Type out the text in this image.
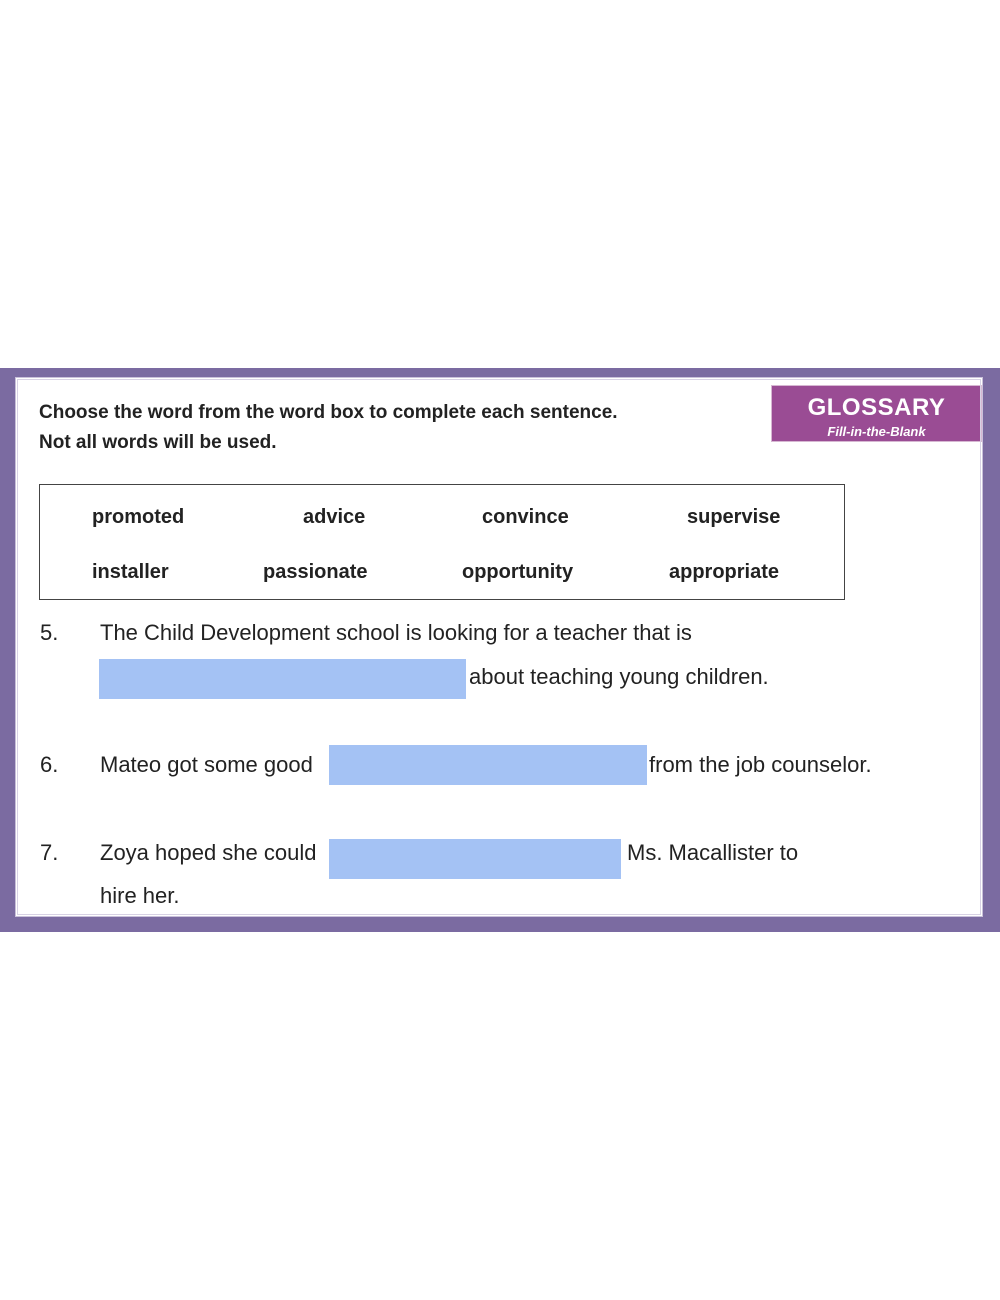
Choose the word from the word box to complete each sentence.
Not all words will be used.
GLOSSARY
Fill-in-the-Blank
promoted	advice	convince	supervise
installer	passionate	opportunity	appropriate
5. The Child Development school is looking for a teacher that is
about teaching young children.
6. Mateo got some good	from the job counselor.
7. Zoya hoped she could	Ms. Macallister to
hire her.
